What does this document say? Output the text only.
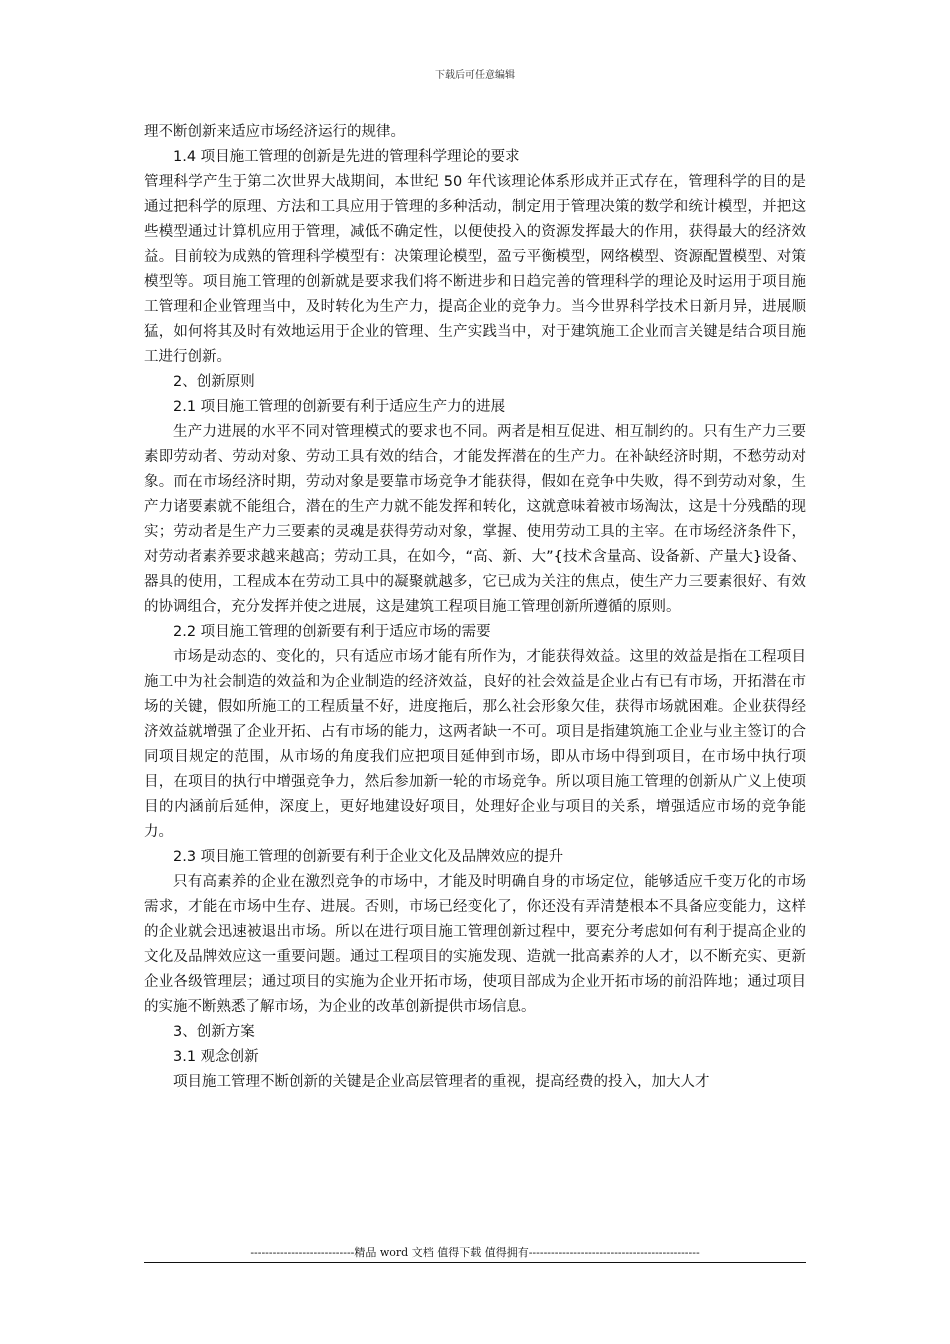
下载后可任意编辑

理不断创新来适应市场经济运行的规律。

1.4 项目施工管理的创新是先进的管理科学理论的要求

管理科学产生于第二次世界大战期间，本世纪 50 年代该理论体系形成并正式存在，管理科学的目的是通过把科学的原理、方法和工具应用于管理的多种活动，制定用于管理决策的数学和统计模型，并把这些模型通过计算机应用于管理，减低不确定性，以便使投入的资源发挥最大的作用，获得最大的经济效益。目前较为成熟的管理科学模型有：决策理论模型，盈亏平衡模型，网络模型、资源配置模型、对策模型等。项目施工管理的创新就是要求我们将不断进步和日趋完善的管理科学的理论及时运用于项目施工管理和企业管理当中，及时转化为生产力，提高企业的竞争力。当今世界科学技术日新月异，进展顺猛，如何将其及时有效地运用于企业的管理、生产实践当中，对于建筑施工企业而言关键是结合项目施工进行创新。

2、创新原则

2.1 项目施工管理的创新要有利于适应生产力的进展

生产力进展的水平不同对管理模式的要求也不同。两者是相互促进、相互制约的。只有生产力三要素即劳动者、劳动对象、劳动工具有效的结合，才能发挥潜在的生产力。在补缺经济时期，不愁劳动对象。而在市场经济时期，劳动对象是要靠市场竞争才能获得，假如在竞争中失败，得不到劳动对象，生产力诸要素就不能组合，潜在的生产力就不能发挥和转化，这就意味着被市场淘汰，这是十分残酷的现实；劳动者是生产力三要素的灵魂是获得劳动对象，掌握、使用劳动工具的主宰。在市场经济条件下，对劳动者素养要求越来越高；劳动工具，在如今，“高、新、大”{技术含量高、设备新、产量大}设备、器具的使用，工程成本在劳动工具中的凝聚就越多，它已成为关注的焦点，使生产力三要素很好、有效的协调组合，充分发挥并使之进展，这是建筑工程项目施工管理创新所遵循的原则。

2.2 项目施工管理的创新要有利于适应市场的需要

市场是动态的、变化的，只有适应市场才能有所作为，才能获得效益。这里的效益是指在工程项目施工中为社会制造的效益和为企业制造的经济效益，良好的社会效益是企业占有已有市场，开拓潜在市场的关键，假如所施工的工程质量不好，进度拖后，那么社会形象欠佳，获得市场就困难。企业获得经济效益就增强了企业开拓、占有市场的能力，这两者缺一不可。项目是指建筑施工企业与业主签订的合同项目规定的范围，从市场的角度我们应把项目延伸到市场，即从市场中得到项目，在市场中执行项目，在项目的执行中增强竞争力，然后参加新一轮的市场竞争。所以项目施工管理的创新从广义上使项目的内涵前后延伸，深度上，更好地建设好项目，处理好企业与项目的关系，增强适应市场的竞争能力。

2.3 项目施工管理的创新要有利于企业文化及品牌效应的提升

只有高素养的企业在激烈竞争的市场中，才能及时明确自身的市场定位，能够适应千变万化的市场需求，才能在市场中生存、进展。否则，市场已经变化了，你还没有弄清楚根本不具备应变能力，这样的企业就会迅速被退出市场。所以在进行项目施工管理创新过程中，要充分考虑如何有利于提高企业的文化及品牌效应这一重要问题。通过工程项目的实施发现、造就一批高素养的人才，以不断充实、更新企业各级管理层；通过项目的实施为企业开拓市场，使项目部成为企业开拓市场的前沿阵地；通过项目的实施不断熟悉了解市场，为企业的改革创新提供市场信息。

3、创新方案

3.1 观念创新

项目施工管理不断创新的关键是企业高层管理者的重视，提高经费的投入，加大人才

----------------------------精品 word 文档 值得下载 值得拥有----------------------------------------------
